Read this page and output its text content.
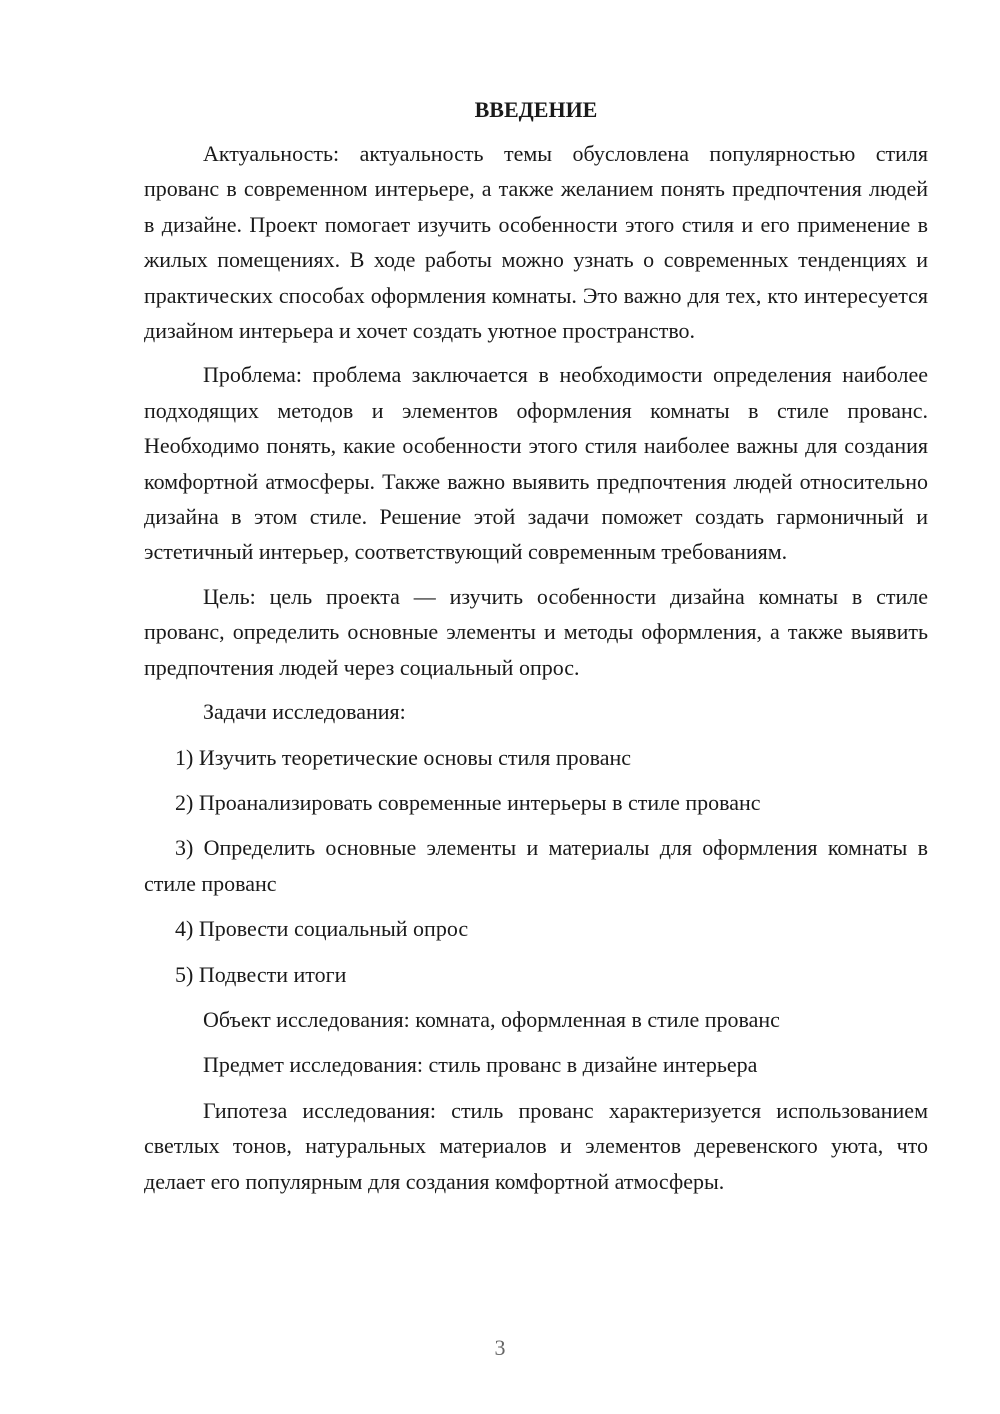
ВВЕДЕНИЕ

Актуальность: актуальность темы обусловлена популярностью стиля прованс в современном интерьере, а также желанием понять предпочтения людей в дизайне. Проект помогает изучить особенности этого стиля и его применение в жилых помещениях. В ходе работы можно узнать о современных тенденциях и практических способах оформления комнаты. Это важно для тех, кто интересуется дизайном интерьера и хочет создать уютное пространство.

Проблема: проблема заключается в необходимости определения наиболее подходящих методов и элементов оформления комнаты в стиле прованс. Необходимо понять, какие особенности этого стиля наиболее важны для создания комфортной атмосферы. Также важно выявить предпочтения людей относительно дизайна в этом стиле. Решение этой задачи поможет создать гармоничный и эстетичный интерьер, соответствующий современным требованиям.

Цель: цель проекта — изучить особенности дизайна комнаты в стиле прованс, определить основные элементы и методы оформления, а также выявить предпочтения людей через социальный опрос.

Задачи исследования:

1) Изучить теоретические основы стиля прованс

2) Проанализировать современные интерьеры в стиле прованс

3) Определить основные элементы и материалы для оформления комнаты в стиле прованс

4) Провести социальный опрос

5) Подвести итоги

Объект исследования: комната, оформленная в стиле прованс

Предмет исследования: стиль прованс в дизайне интерьера

Гипотеза исследования: стиль прованс характеризуется использованием светлых тонов, натуральных материалов и элементов деревенского уюта, что делает его популярным для создания комфортной атмосферы.

3
